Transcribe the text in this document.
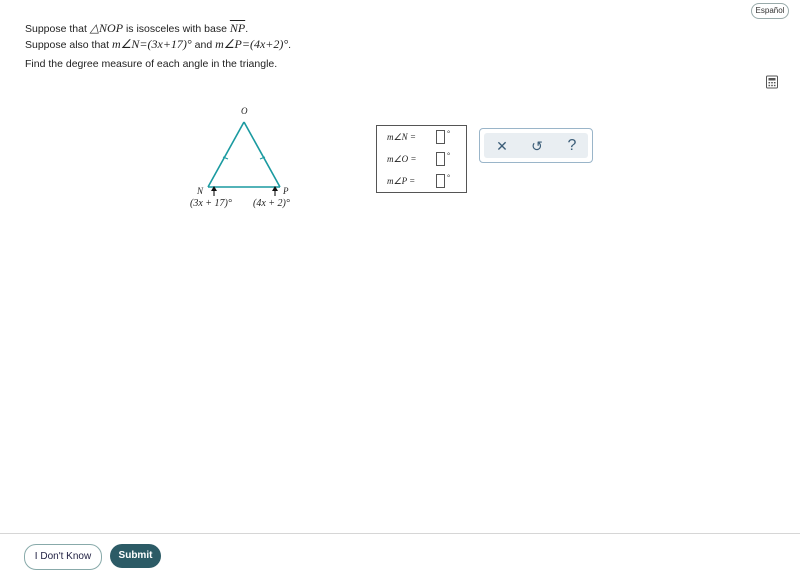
Español
Suppose that △NOP is isosceles with base $\overline{NP}$.
Suppose also that m∠N=(3x+17)° and m∠P=(4x+2)°.
Find the degree measure of each angle in the triangle.
O
N	P
(3x + 17)° (4x + 2)°
m∠N =	°
m∠O =	°
m∠P =	°
✕	↺	?
I Don't Know	Submit
